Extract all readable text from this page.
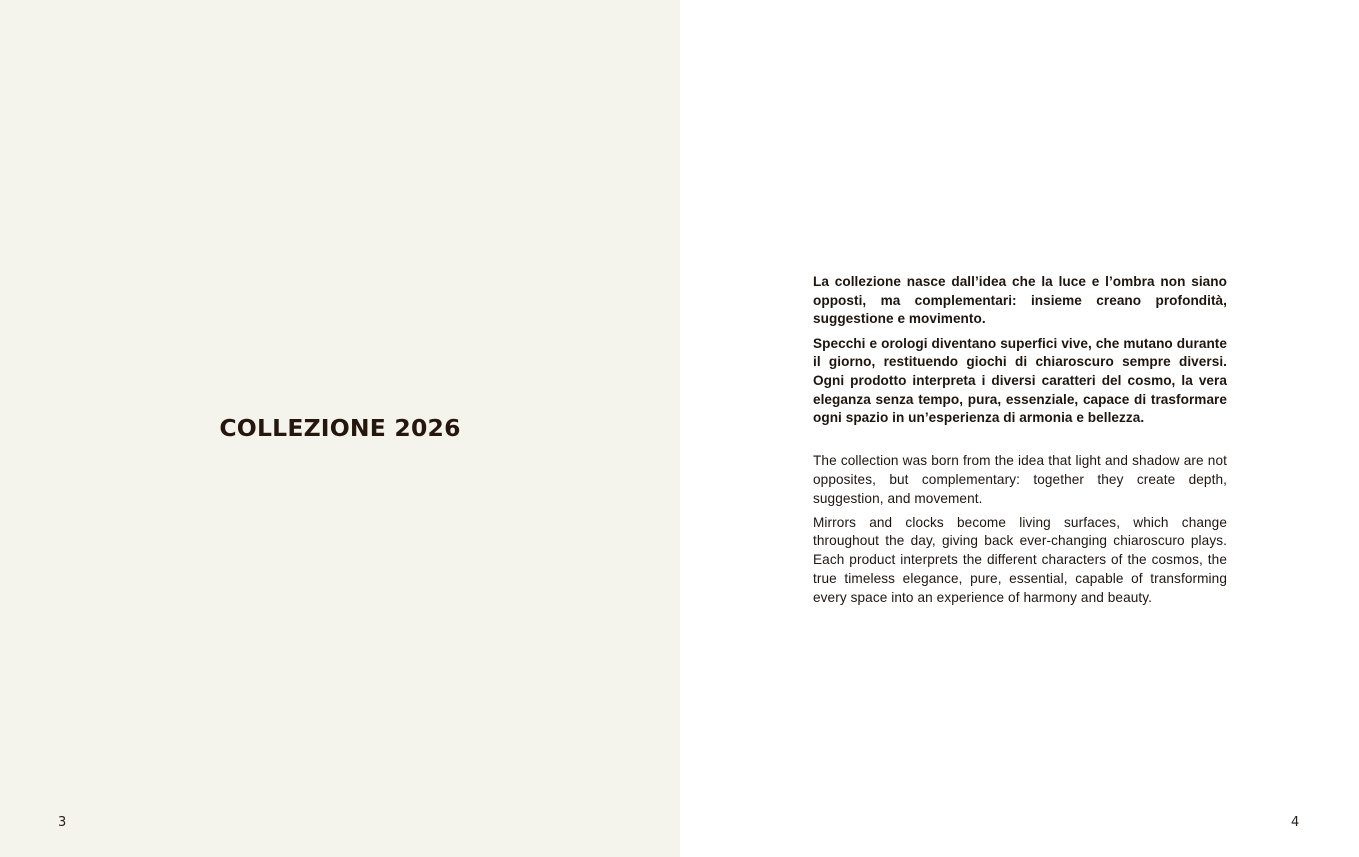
COLLEZIONE 2026
3

La collezione nasce dall’idea che la luce e l’ombra non siano opposti, ma complementari: insieme creano profondità, suggestione e movimento.

Specchi e orologi diventano superfici vive, che mutano durante il giorno, restituendo giochi di chiaroscuro sempre diversi. Ogni prodotto interpreta i diversi caratteri del cosmo, la vera eleganza senza tempo, pura, essenziale, capace di trasformare ogni spazio in un’esperienza di armonia e bellezza.

The collection was born from the idea that light and shadow are not opposites, but complementary: together they create depth, suggestion, and movement.

Mirrors and clocks become living surfaces, which change throughout the day, giving back ever-changing chiaroscuro plays. Each product interprets the different characters of the cosmos, the true timeless elegance, pure, essential, capable of transforming every space into an experience of harmony and beauty.

4
